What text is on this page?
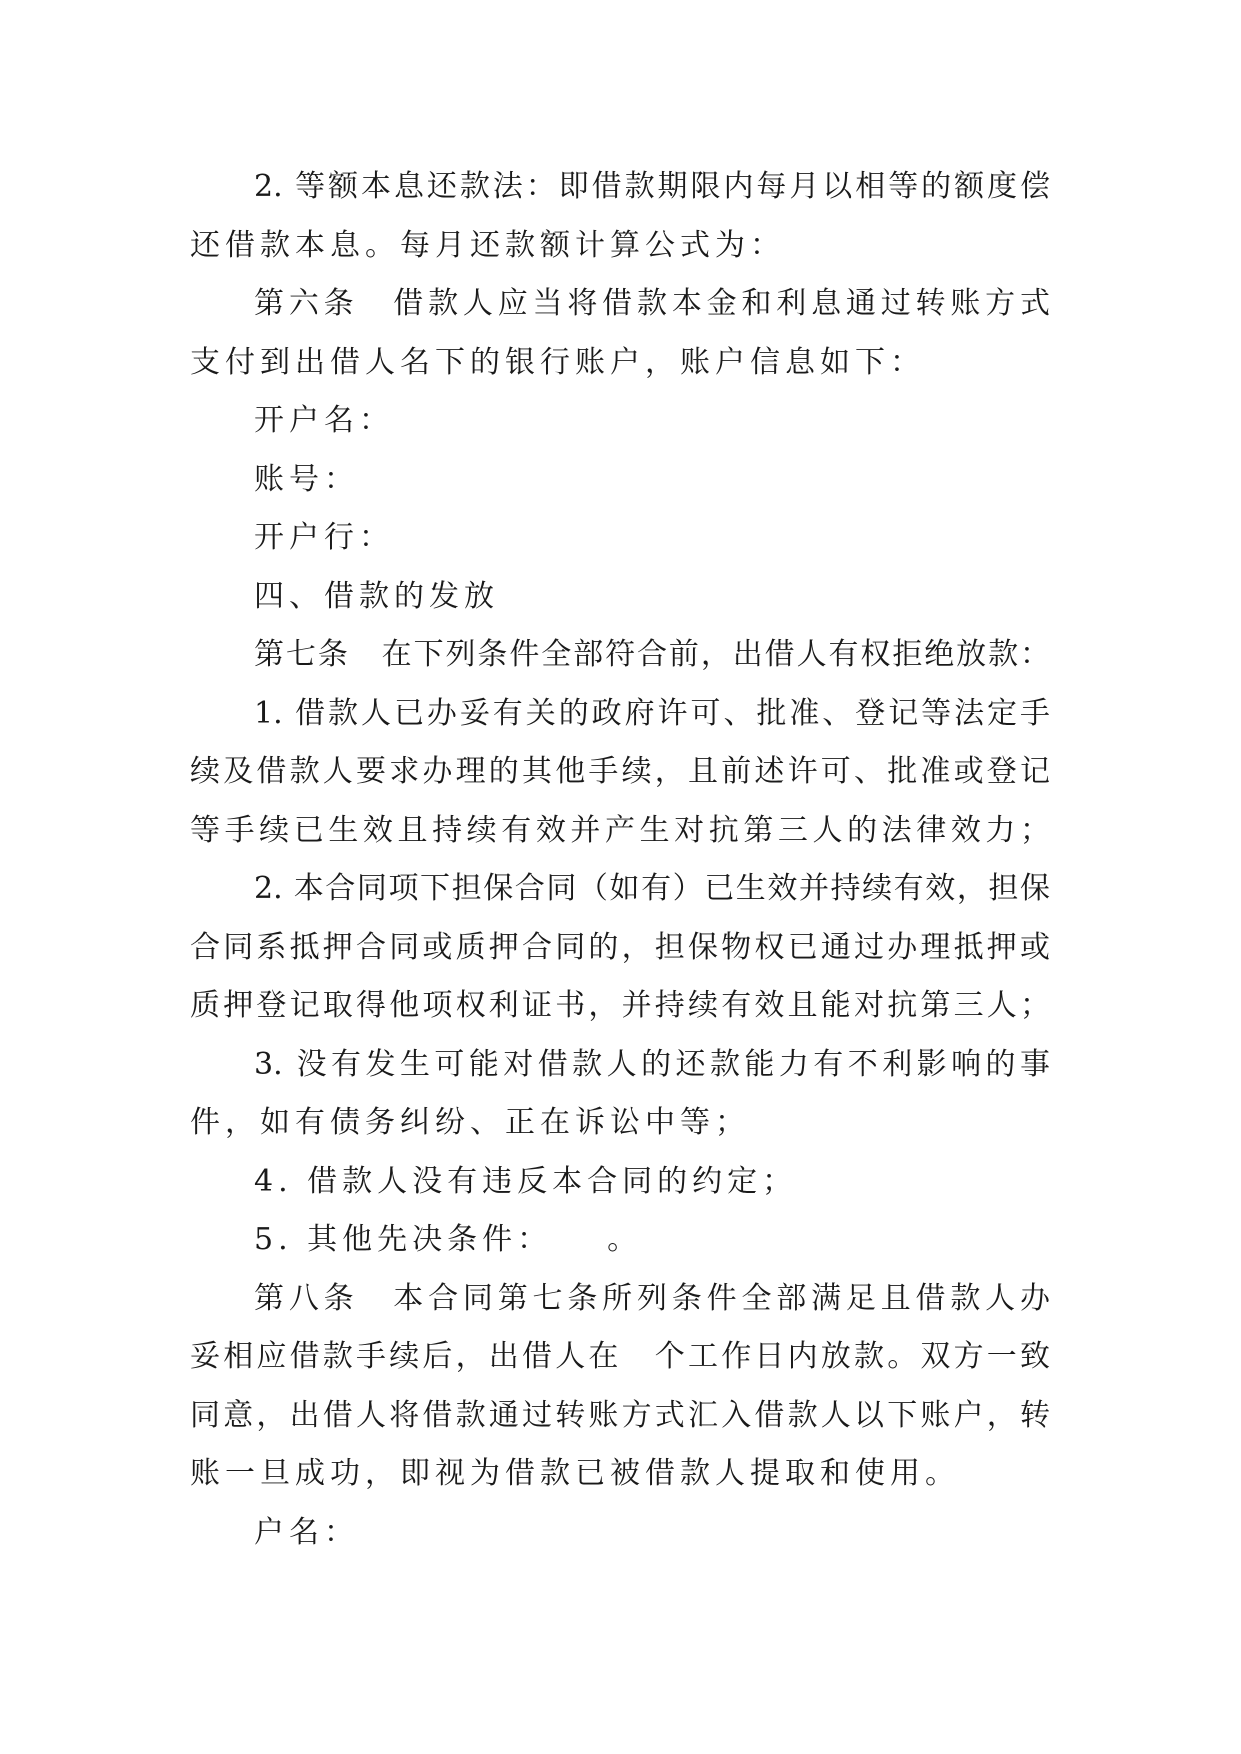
2. 等额本息还款法：即借款期限内每月以相等的额度偿
还借款本息。每月还款额计算公式为：
第六条　借款人应当将借款本金和利息通过转账方式
支付到出借人名下的银行账户，账户信息如下：
开户名：
账号：
开户行：
四、借款的发放
第七条　在下列条件全部符合前，出借人有权拒绝放款：
1. 借款人已办妥有关的政府许可、批准、登记等法定手
续及借款人要求办理的其他手续，且前述许可、批准或登记
等手续已生效且持续有效并产生对抗第三人的法律效力；
2. 本合同项下担保合同（如有）已生效并持续有效，担保
合同系抵押合同或质押合同的，担保物权已通过办理抵押或
质押登记取得他项权利证书，并持续有效且能对抗第三人；
3. 没有发生可能对借款人的还款能力有不利影响的事
件，如有债务纠纷、正在诉讼中等；
4. 借款人没有违反本合同的约定；
5. 其他先决条件：　　。
第八条　本合同第七条所列条件全部满足且借款人办
妥相应借款手续后，出借人在　个工作日内放款。双方一致
同意，出借人将借款通过转账方式汇入借款人以下账户，转
账一旦成功，即视为借款已被借款人提取和使用。
户名：
